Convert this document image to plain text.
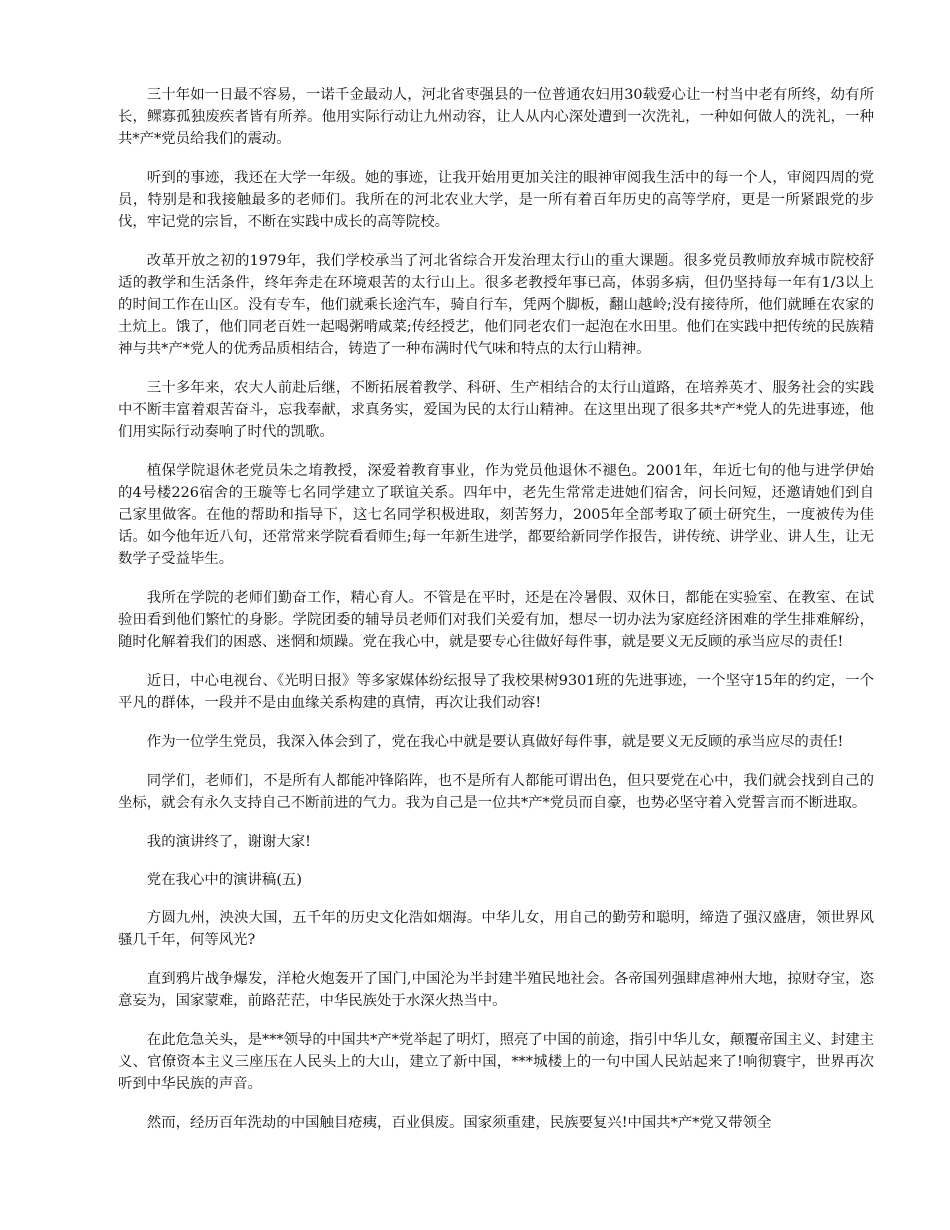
三十年如一日最不容易，一诺千金最动人，河北省枣强县的一位普通农妇用30载爱心让一村当中老有所终，幼有所长，鳏寡孤独废疾者皆有所养。他用实际行动让九州动容，让人从内心深处遭到一次洗礼，一种如何做人的洗礼，一种共*产*党员给我们的震动。

听到的事迹，我还在大学一年级。她的事迹，让我开始用更加关注的眼神审阅我生活中的每一个人，审阅四周的党员，特别是和我接触最多的老师们。我所在的河北农业大学，是一所有着百年历史的高等学府，更是一所紧跟党的步伐，牢记党的宗旨，不断在实践中成长的高等院校。

改革开放之初的1979年，我们学校承当了河北省综合开发治理太行山的重大课题。很多党员教师放弃城市院校舒适的教学和生活条件，终年奔走在环境艰苦的太行山上。很多老教授年事已高，体弱多病，但仍坚持每一年有1/3以上的时间工作在山区。没有专车，他们就乘长途汽车，骑自行车，凭两个脚板，翻山越岭;没有接待所，他们就睡在农家的土炕上。饿了，他们同老百姓一起喝粥啃咸菜;传经授艺，他们同老农们一起泡在水田里。他们在实践中把传统的民族精神与共*产*党人的优秀品质相结合，铸造了一种布满时代气味和特点的太行山精神。

三十多年来，农大人前赴后继，不断拓展着教学、科研、生产相结合的太行山道路，在培养英才、服务社会的实践中不断丰富着艰苦奋斗，忘我奉献，求真务实，爱国为民的太行山精神。在这里出现了很多共*产*党人的先进事迹，他们用实际行动奏响了时代的凯歌。

植保学院退休老党员朱之堉教授，深爱着教育事业，作为党员他退休不褪色。2001年，年近七旬的他与进学伊始的4号楼226宿舍的王璇等七名同学建立了联谊关系。四年中，老先生常常走进她们宿舍，问长问短，还邀请她们到自己家里做客。在他的帮助和指导下，这七名同学积极进取，刻苦努力，2005年全部考取了硕士研究生，一度被传为佳话。如今他年近八旬，还常常来学院看看师生;每一年新生进学，都要给新同学作报告，讲传统、讲学业、讲人生，让无数学子受益毕生。

我所在学院的老师们勤奋工作，精心育人。不管是在平时，还是在冷暑假、双休日，都能在实验室、在教室、在试验田看到他们繁忙的身影。学院团委的辅导员老师们对我们关爱有加，想尽一切办法为家庭经济困难的学生排难解纷，随时化解着我们的困惑、迷惘和烦躁。党在我心中，就是要专心往做好每件事，就是要义无反顾的承当应尽的责任!

近日，中心电视台、《光明日报》等多家媒体纷纭报导了我校果树9301班的先进事迹，一个坚守15年的约定，一个平凡的群体，一段并不是由血缘关系构建的真情，再次让我们动容!

作为一位学生党员，我深入体会到了，党在我心中就是要认真做好每件事，就是要义无反顾的承当应尽的责任!

同学们，老师们，不是所有人都能冲锋陷阵，也不是所有人都能可谓出色，但只要党在心中，我们就会找到自己的坐标，就会有永久支持自己不断前进的气力。我为自己是一位共*产*党员而自豪，也势必坚守着入党誓言而不断进取。

我的演讲终了，谢谢大家!

党在我心中的演讲稿(五)

方圆九州，泱泱大国，五千年的历史文化浩如烟海。中华儿女，用自己的勤劳和聪明，缔造了强汉盛唐，领世界风骚几千年，何等风光?

直到鸦片战争爆发，洋枪火炮轰开了国门,中国沦为半封建半殖民地社会。各帝国列强肆虐神州大地，掠财夺宝，恣意妄为，国家蒙难，前路茫茫，中华民族处于水深火热当中。

在此危急关头，是***领导的中国共*产*党举起了明灯，照亮了中国的前途，指引中华儿女，颠覆帝国主义、封建主义、官僚资本主义三座压在人民头上的大山，建立了新中国，***城楼上的一句中国人民站起来了!响彻寰宇，世界再次听到中华民族的声音。

然而，经历百年洗劫的中国触目疮痍，百业俱废。国家须重建，民族要复兴!中国共*产*党又带领全
